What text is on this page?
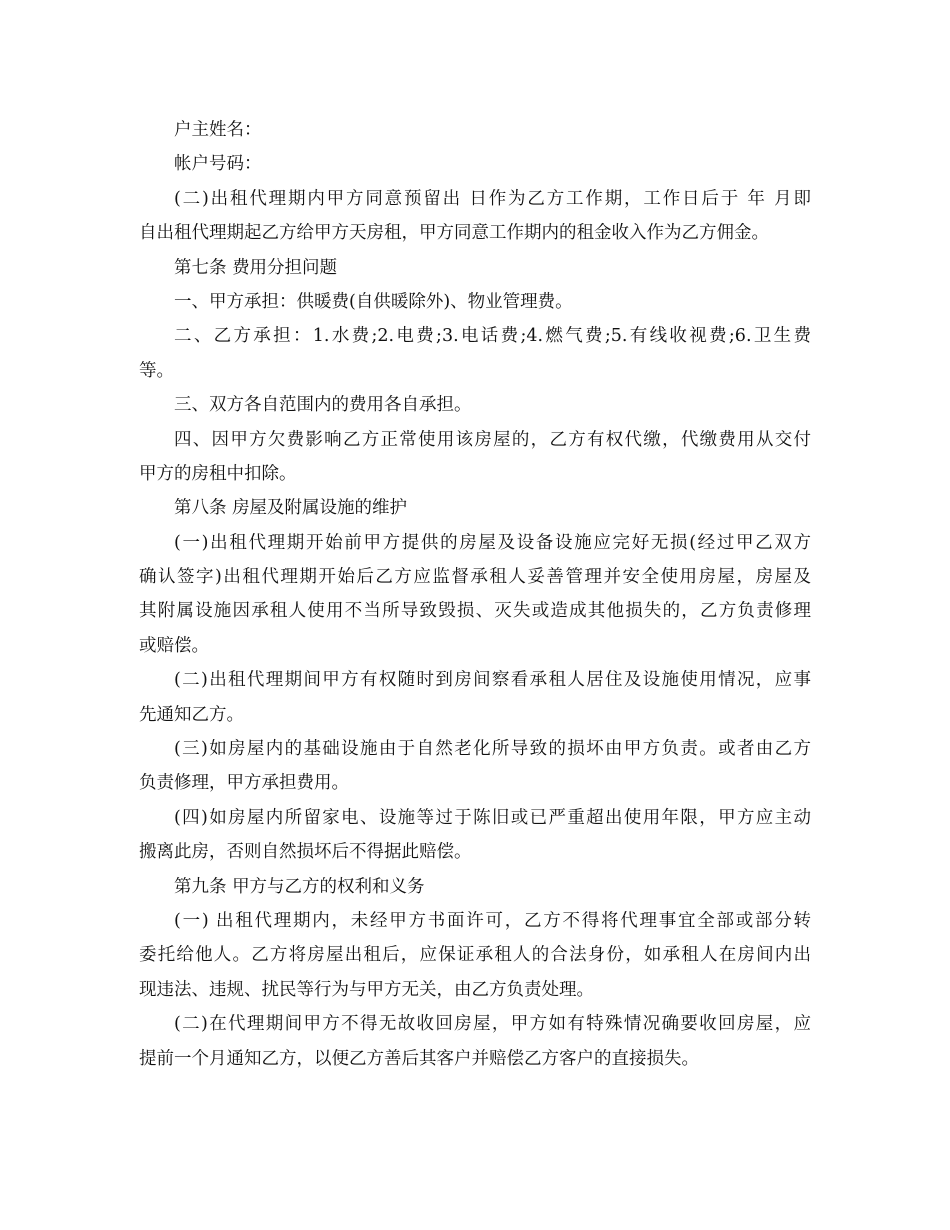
户主姓名：

帐户号码：

(二)出租代理期内甲方同意预留出 日作为乙方工作期，工作日后于 年 月即

自出租代理期起乙方给甲方天房租，甲方同意工作期内的租金收入作为乙方佣金。

第七条 费用分担问题

一、甲方承担：供暖费(自供暖除外)、物业管理费。

二、乙方承担：1.水费;2.电费;3.电话费;4.燃气费;5.有线收视费;6.卫生费

等。

三、双方各自范围内的费用各自承担。

四、因甲方欠费影响乙方正常使用该房屋的，乙方有权代缴，代缴费用从交付

甲方的房租中扣除。

第八条 房屋及附属设施的维护

(一)出租代理期开始前甲方提供的房屋及设备设施应完好无损(经过甲乙双方

确认签字)出租代理期开始后乙方应监督承租人妥善管理并安全使用房屋，房屋及

其附属设施因承租人使用不当所导致毁损、灭失或造成其他损失的，乙方负责修理

或赔偿。

(二)出租代理期间甲方有权随时到房间察看承租人居住及设施使用情况，应事

先通知乙方。

(三)如房屋内的基础设施由于自然老化所导致的损坏由甲方负责。或者由乙方

负责修理，甲方承担费用。

(四)如房屋内所留家电、设施等过于陈旧或已严重超出使用年限，甲方应主动

搬离此房，否则自然损坏后不得据此赔偿。

第九条 甲方与乙方的权利和义务

(一) 出租代理期内，未经甲方书面许可，乙方不得将代理事宜全部或部分转

委托给他人。乙方将房屋出租后，应保证承租人的合法身份，如承租人在房间内出

现违法、违规、扰民等行为与甲方无关，由乙方负责处理。

(二)在代理期间甲方不得无故收回房屋，甲方如有特殊情况确要收回房屋，应

提前一个月通知乙方，以便乙方善后其客户并赔偿乙方客户的直接损失。
